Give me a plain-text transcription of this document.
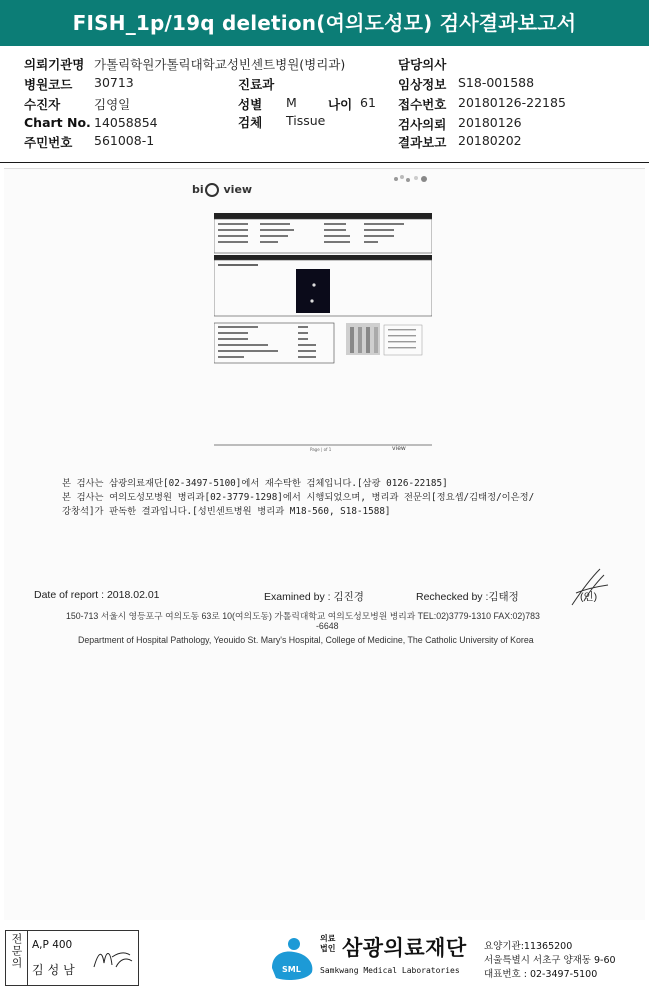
FISH_1p/19q deletion(여의도성모) 검사결과보고서
의뢰기관명 가톨릭학원가톨릭대학교성빈센트병원(병리과)	담당의사
병원코드 30713	진료과	임상정보 S18-001588
수진자	김영일	성별 M 나이 61 접수번호 20180126-22185
Chart No. 14058854	검체 Tissue	검사의뢰 20180126
주민번호 561008-1	결과보고 20180202
bi view
Page | of 1	view
본 검사는 삼광의료재단[02-3497-5100]에서 재수탁한 검체입니다.[삼광 0126-22185]
본 검사는 여의도성모병원 병리과[02-3779-1298]에서 시행되었으며, 병리과 전문의[정요셉/김태정/이은정/
강창석]가 판독한 결과입니다.[성빈센트병원 병리과 M18-560, S18-1588]
Date of report : 2018.02.01	Examined by : 김진경	Rechecked by :김태정	(인)
150-713 서울시 영등포구 여의도동 63로 10(여의도동) 가톨릭대학교 여의도성모병원 병리과 TEL:02)3779-1310 FAX:02)783
-6648
Department of Hospital Pathology, Yeouido St. Mary's Hospital, College of Medicine, The Catholic University of Korea
전문의 A,P 400
김성남	SML
의료법인 삼광의료재단
Samkwang Medical Laboratories
요양기관:11365200
서울특별시 서초구 양재동 9-60
대표번호 : 02-3497-5100
